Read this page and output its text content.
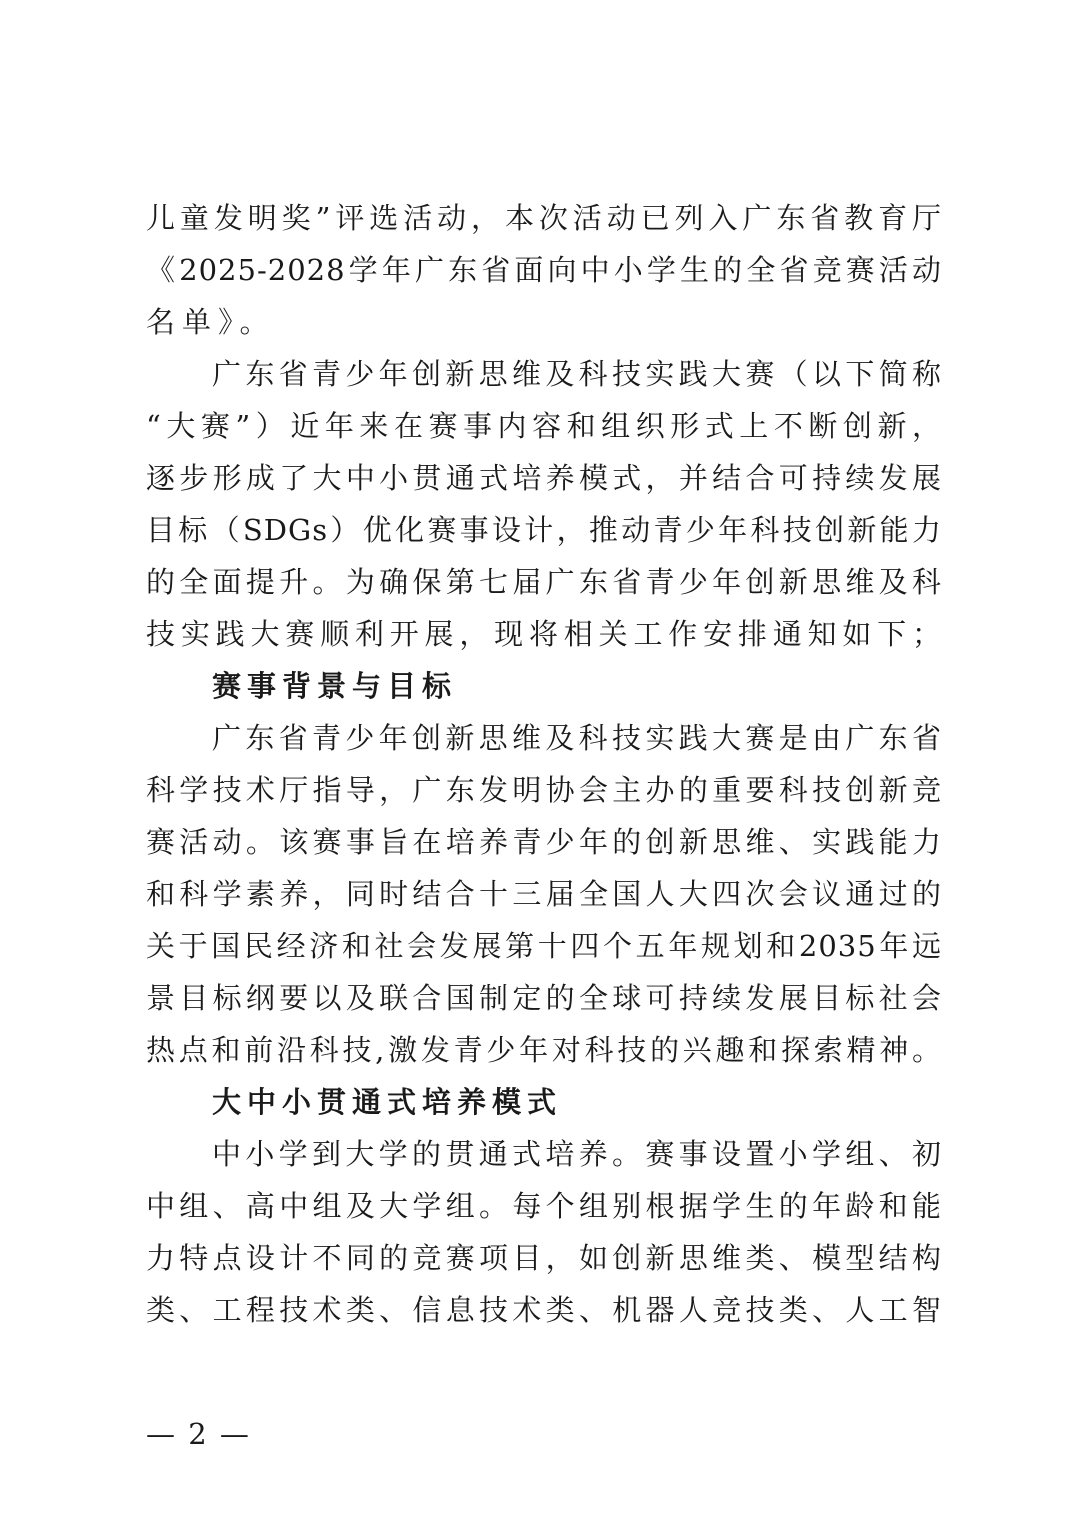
儿童发明奖”评选活动，本次活动已列入广东省教育厅
《2025-2028学年广东省面向中小学生的全省竞赛活动
名单》。
广东省青少年创新思维及科技实践大赛（以下简称
“大赛”）近年来在赛事内容和组织形式上不断创新，
逐步形成了大中小贯通式培养模式，并结合可持续发展
目标（SDGs）优化赛事设计，推动青少年科技创新能力
的全面提升。为确保第七届广东省青少年创新思维及科
技实践大赛顺利开展，现将相关工作安排通知如下；
赛事背景与目标
广东省青少年创新思维及科技实践大赛是由广东省
科学技术厅指导，广东发明协会主办的重要科技创新竞
赛活动。该赛事旨在培养青少年的创新思维、实践能力
和科学素养，同时结合十三届全国人大四次会议通过的
关于国民经济和社会发展第十四个五年规划和2035年远
景目标纲要以及联合国制定的全球可持续发展目标社会
热点和前沿科技,激发青少年对科技的兴趣和探索精神。
大中小贯通式培养模式
中小学到大学的贯通式培养。赛事设置小学组、初
中组、高中组及大学组。每个组别根据学生的年龄和能
力特点设计不同的竞赛项目，如创新思维类、模型结构
类、工程技术类、信息技术类、机器人竞技类、人工智
— 2 —
